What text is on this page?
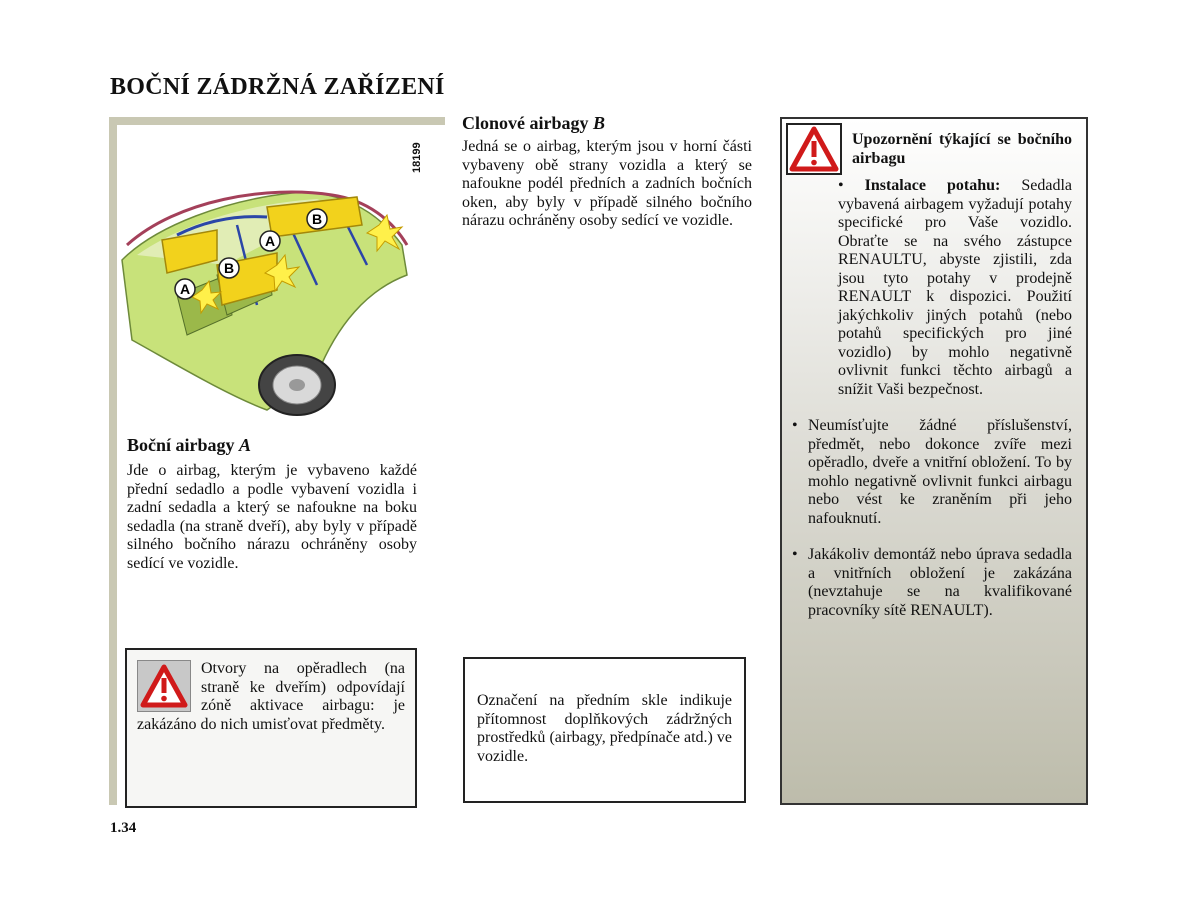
BOČNÍ ZÁDRŽNÁ ZAŘÍZENÍ
B
A
B
A
18199
Boční airbagy A

Jde o airbag, kterým je vybaveno každé přední sedadlo a podle vybavení vozidla i zadní sedadla a který se nafoukne na boku sedadla (na straně dveří), aby byly v případě silného bočního nárazu ochráněny osoby sedící ve vozidle.

Otvory na opěradlech (na straně ke dveřím) odpovídají zóně aktivace airbagu: je zakázáno do nich umisťovat předměty.

Clonové airbagy B

Jedná se o airbag, kterým jsou v horní části vybaveny obě strany vozidla a který se nafoukne podél předních a zadních bočních oken, aby byly v případě silného bočního nárazu ochráněny osoby sedící ve vozidle.

Označení na předním skle indikuje přítomnost doplňkových zádržných prostředků (airbagy, předpínače atd.) ve vozidle.

Upozornění týkající se bočního airbagu

• Instalace potahu: Sedadla vybavená airbagem vyžadují potahy specifické pro Vaše vozidlo. Obraťte se na svého zástupce RENAULTU, abyste zjistili, zda jsou tyto potahy v prodejně RENAULT k dispozici. Použití jakýchkoliv jiných potahů (nebo potahů specifických pro jiné vozidlo) by mohlo negativně ovlivnit funkci těchto airbagů a snížit Vaši bezpečnost.

• Neumísťujte žádné příslušenství, předmět, nebo dokonce zvíře mezi opěradlo, dveře a vnitřní obložení. To by mohlo negativně ovlivnit funkci airbagu nebo vést ke zraněním při jeho nafouknutí.

• Jakákoliv demontáž nebo úprava sedadla a vnitřních obložení je zakázána (nevztahuje se na kvalifikované pracovníky sítě RENAULT).

1.34
